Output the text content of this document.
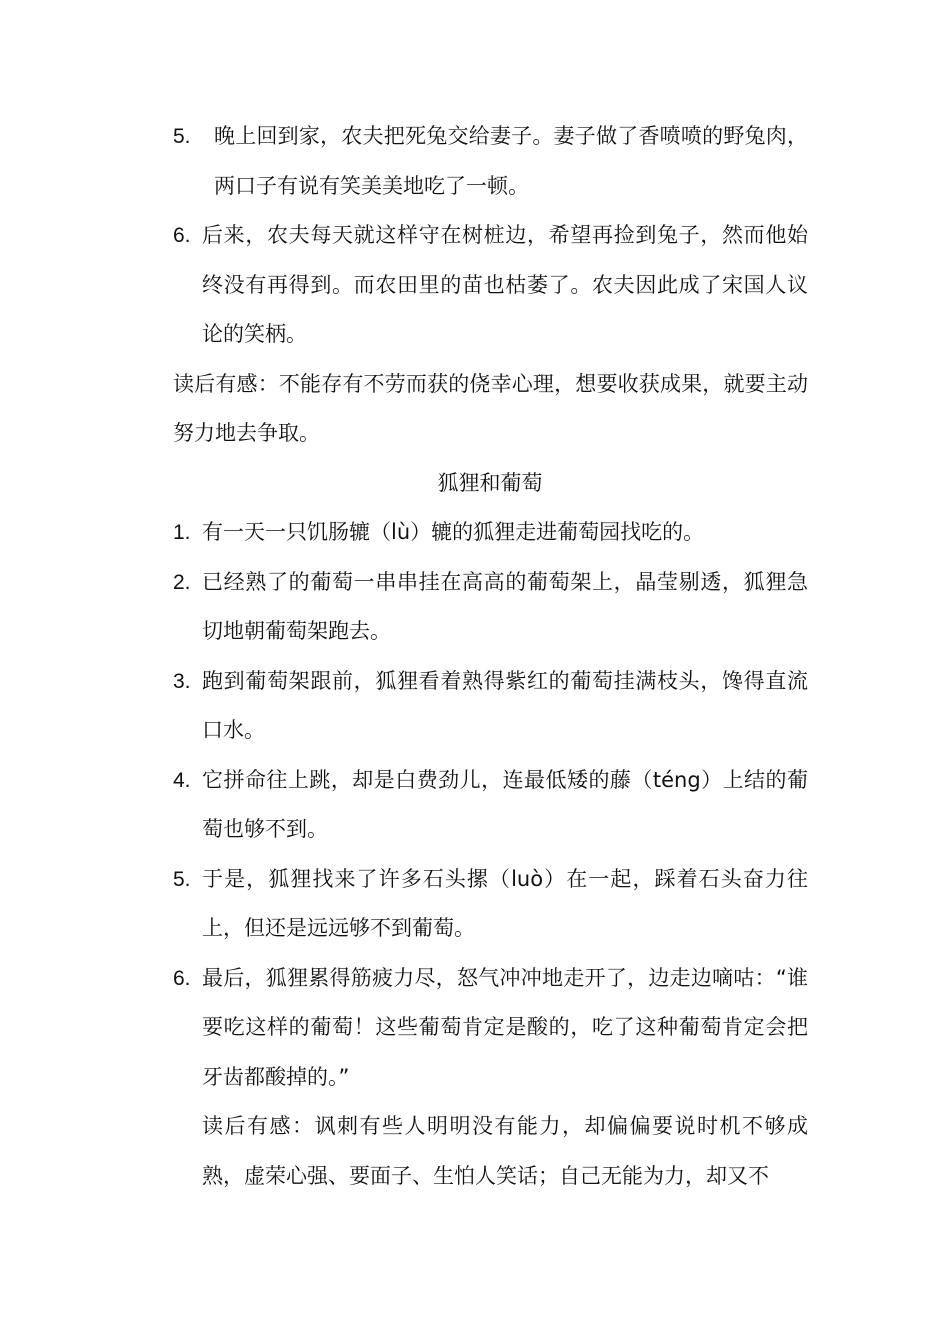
5.	晚上回到家，农夫把死兔交给妻子。妻子做了香喷喷的野兔肉，两口子有说有笑美美地吃了一顿。
6. 后来，农夫每天就这样守在树桩边，希望再捡到兔子，然而他始终没有再得到。而农田里的苗也枯萎了。农夫因此成了宋国人议论的笑柄。
读后有感：不能存有不劳而获的侥幸心理，想要收获成果，就要主动努力地去争取。
狐狸和葡萄
1. 有一天一只饥肠辘（lù）辘的狐狸走进葡萄园找吃的。
2. 已经熟了的葡萄一串串挂在高高的葡萄架上，晶莹剔透，狐狸急切地朝葡萄架跑去。
3. 跑到葡萄架跟前，狐狸看着熟得紫红的葡萄挂满枝头，馋得直流口水。
4. 它拼命往上跳，却是白费劲儿，连最低矮的藤（téng）上结的葡萄也够不到。
5. 于是，狐狸找来了许多石头摞（luò）在一起，踩着石头奋力往上，但还是远远够不到葡萄。
6. 最后，狐狸累得筋疲力尽，怒气冲冲地走开了，边走边嘀咕：“谁要吃这样的葡萄！这些葡萄肯定是酸的，吃了这种葡萄肯定会把牙齿都酸掉的。”
读后有感：讽刺有些人明明没有能力，却偏偏要说时机不够成熟，虚荣心强、要面子、生怕人笑话；自己无能为力，却又不
